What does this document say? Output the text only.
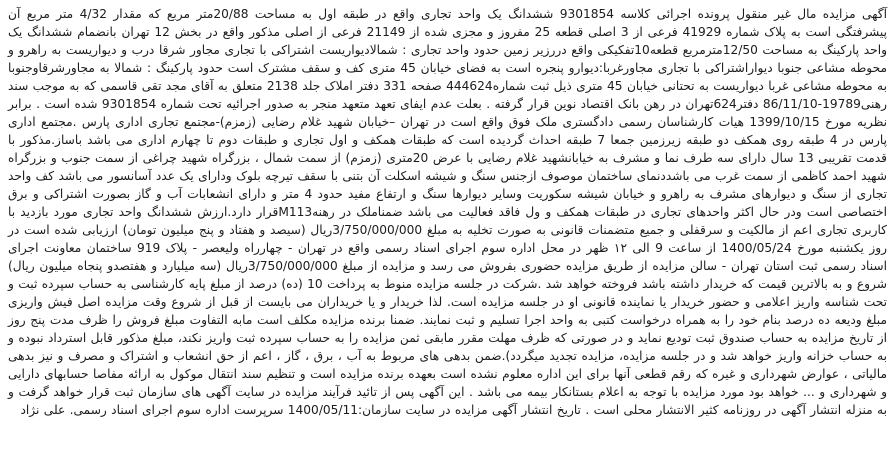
آگهی مزایده مال غیر منقول پرونده اجرائی کلاسه 9301854 ششدانگ یک واحد تجاری واقع در طبقه اول به مساحت 20/88متر مربع که مقدار 4/32 متر مربع آن پیشرفتگی است به پلاک شماره 41929 فرعی از 3 اصلی قطعه 25 مفروز و مجزی شده از 21149 فرعی از اصلی مذکور واقع در بخش 12 تهران بانضمام ششدانگ یک واحد پارکینگ به مساحت 12/50مترمربع قطعه10تفکیکی واقع دررزیر زمین حدود واحد تجاری : شمالادیواریست اشتراکی با تجاری مجاور شرقا درب و دیواریست به راهرو و محوطه مشاعی جنوبا دیواراشتراکی با تجاری مجاورغربا:دیوارو پنجره است به فضای خیابان 45 متری کف و سقف مشترک است حدود پارکینگ : شمالا به مجاورشرقاوجنوبا به محوطه مشاعی غربا دیواریست به تحتانی خیابان 45 متری ذیل ثبت شماره444624 صفحه 331 دفتر املاک جلد 2138 متعلق به آقای مجد تقی قاسمی که به موجب سند رهنی19789-86/11/10 دفتر624تهران در رهن بانک اقتصاد نوین قرار گرفته . بعلت عدم ایفای تعهد متعهد منجر به صدور اجرائیه تحت شماره 9301854 شده است . برابر نظریه مورخ 1399/10/15 هیات کارشناسان رسمی دادگستری ملک فوق واقع است در تهران –خیابان شهید غلام رضایی (زمزم)-مجتمع تجاری اداری پارس .مجتمع اداری پارس در 4 طبقه روی همکف دو طبقه زیرزمین جمعا 7 طبقه احداث گردیده است که طبقات همکف و اول تجاری و طبقات دوم تا چهارم اداری می باشد باساز.مذکور با قدمت تقریبی 13 سال دارای سه طرف نما و مشرف به خیابانشهید غلام رضایی با عرض 20متری (زمزم) از سمت شمال ، بزرگراه شهید چراغی از سمت جنوب و بزرگراه شهید احمد کاظمی از سمت غرب می باشددنمای ساختمان موصوف ازجنس سنگ و شیشه اسکلت آن بتنی با سقف تیرچه بلوک ودارای یک عدد آسانسور می باشد کف واحد تجاری از سنگ و دیوارهای مشرف به راهرو و خیابان شیشه سکوریت وسایر دیوارها سنگ و ارتفاع مفید حدود 4 متر و دارای انشعابات آب و گاز بصورت اشتراکی و برق اختصاصی است ودر حال اکثر واحدهای تجاری در طبقات همکف و ول فاقد فعالیت می باشد ضمناملک در رهنهM113قرار دارد.ارزش ششدانگ واحد تجاری مورد بازدید با کاربری تجاری اعم از مالکیت و سرقفلی و جمیع متضمنات قانونی به صورت تخلیه به مبلغ 3/750/000/000ریال (سیصد و هفتاد و پنج میلیون تومان) ارزیابی شده است در روز یکشنبه مورخ 1400/05/24 از ساعت 9 الی ۱۲ ظهر در محل اداره سوم اجرای اسناد رسمی واقع در تهران - چهارراه ولیعصر - پلاک 919 ساختمان معاونت اجرای اسناد رسمی ثبت استان تهران - سالن مزایده از طریق مزایده حضوری بفروش می رسد و مزایده از مبلغ 3/750/000/000ریال (سه میلیارد و هفتصدو پنجاه میلیون ریال) شروع و به بالاترین قیمت که خریدار داشته باشد فروخته خواهد شد .شرکت در جلسه مزایده منوط به پرداخت 10 (ده) درصد از مبلغ پایه کارشناسی به حساب سپرده ثبت و تحت شناسه واریز اعلامی و حضور خریدار یا نماینده قانونی او در جلسه مزایده است. لذا خریدار و یا خریداران می بایست از قبل از شروع وقت مزایده اصل فیش واریزی مبلغ ودیعه ده درصد بنام خود را به همراه درخواست کتبی به واحد اجرا تسلیم و ثبت نمایند. ضمنا برنده مزایده مکلف است مابه التفاوت مبلغ فروش را ظرف مدت پنج روز از تاریخ مزایده به حساب صندوق ثبت تودیع نماید و در صورتی که ظرف مهلت مقرر مابقی ثمن مزایده را به حساب سپرده ثبت واریز نکند، مبلغ مذکور قابل استرداد نبوده و به حساب خزانه واریز خواهد شد و در جلسه مزایده، مزایده تجدید میگردد).ضمن بدهی های مربوط به آب ، برق ، گاز ، اعم از حق انشعاب و اشتراک و مصرف و نیز بدهی مالیاتی ، عوارض شهرداری و غیره که رقم قطعی آنها برای این اداره معلوم نشده است بعهده برنده مزایده است و تنظیم سند انتقال موکول به ارائه مفاصا حسابهای دارایی و شهرداری و ... خواهد بود مورد مزایده با توجه به اعلام بستانکار بیمه می باشد . این آگهی پس از تائید فرآیند مزایده در سایت آگهی های سازمان ثبت قرار خواهد گرفت و به منزله انتشار آگهی در روزنامه کثیر الانتشار محلی است . تاریخ انتشار آگهی مزایده در سایت سازمان:1400/05/11 سرپرست اداره سوم اجرای اسناد رسمی. علی نژاد
